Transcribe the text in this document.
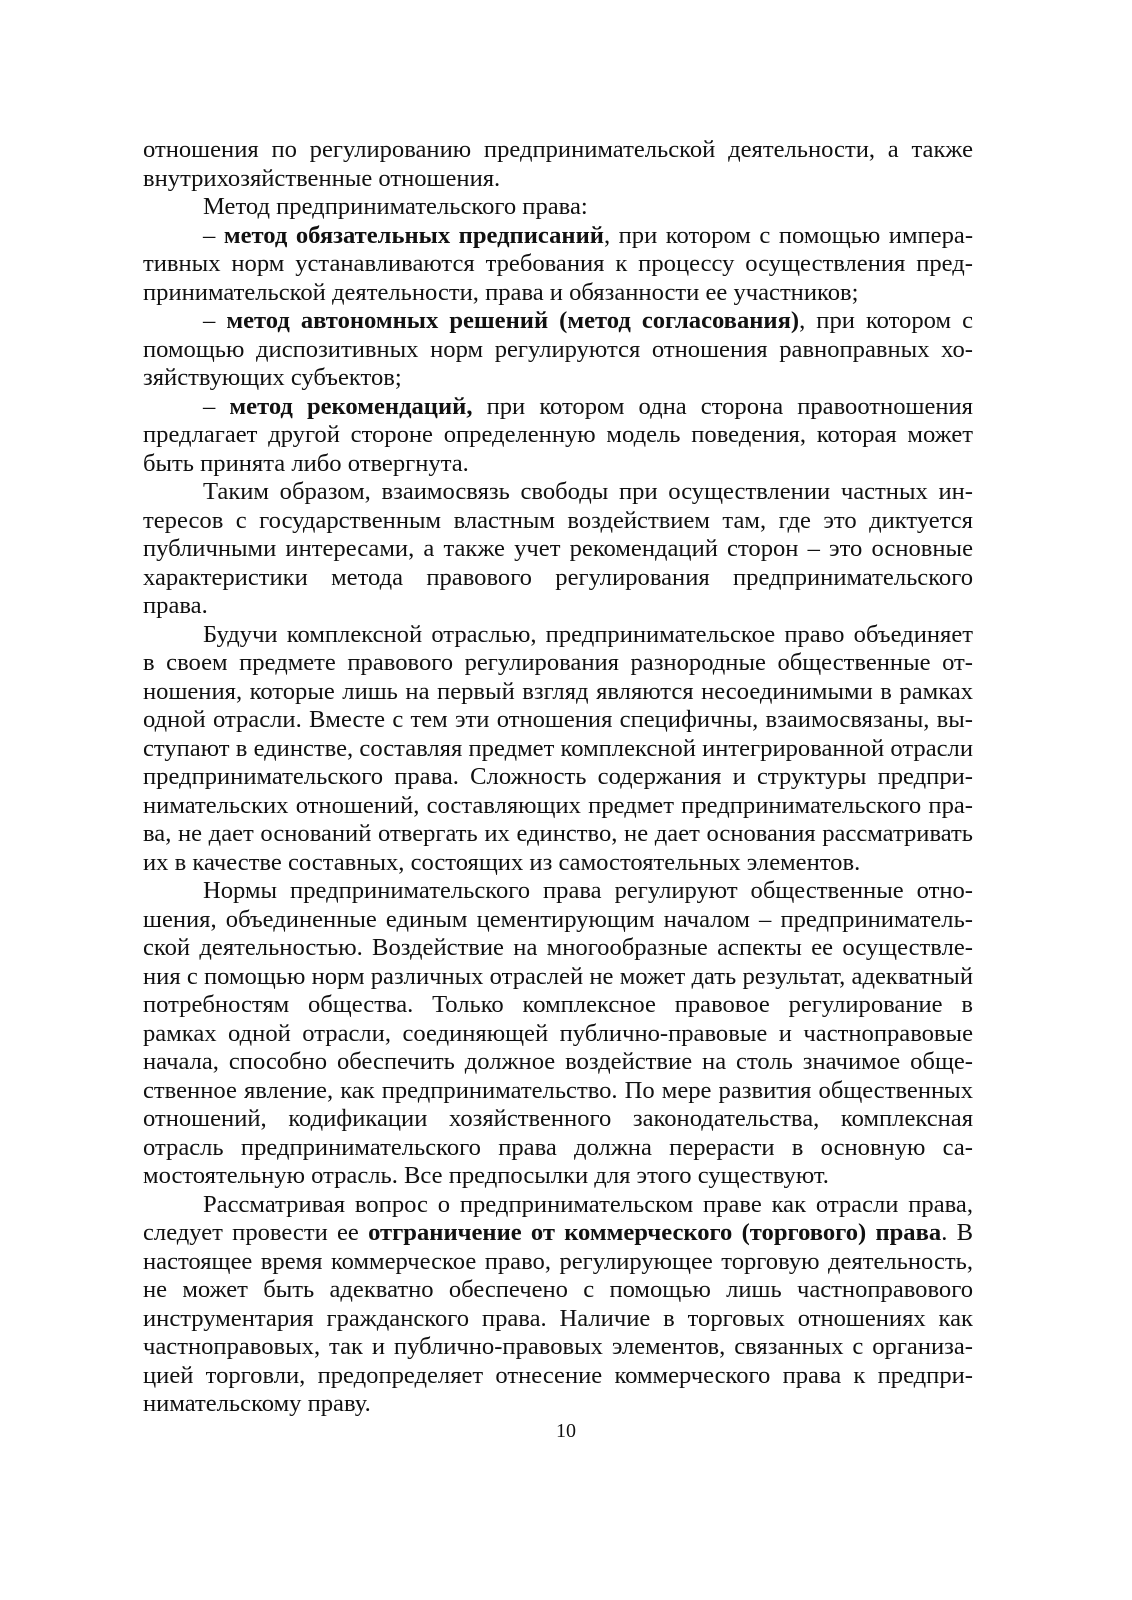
отношения по регулированию предпринимательской деятельности, а также внутрихозяйственные отношения.

Метод предпринимательского права:

– метод обязательных предписаний, при котором с помощью императивных норм устанавливаются требования к процессу осуществления предпринимательской деятельности, права и обязанности ее участников;

– метод автономных решений (метод согласования), при котором с помощью диспозитивных норм регулируются отношения равноправных хозяйствующих субъектов;

– метод рекомендаций, при котором одна сторона правоотношения предлагает другой стороне определенную модель поведения, которая может быть принята либо отвергнута.

Таким образом, взаимосвязь свободы при осуществлении частных интересов с государственным властным воздействием там, где это диктуется публичными интересами, а также учет рекомендаций сторон – это основные характеристики метода правового регулирования предпринимательского права.

Будучи комплексной отраслью, предпринимательское право объединяет в своем предмете правового регулирования разнородные общественные отношения, которые лишь на первый взгляд являются несоединимыми в рамках одной отрасли. Вместе с тем эти отношения специфичны, взаимосвязаны, выступают в единстве, составляя предмет комплексной интегрированной отрасли предпринимательского права. Сложность содержания и структуры предпринимательских отношений, составляющих предмет предпринимательского права, не дает оснований отвергать их единство, не дает основания рассматривать их в качестве составных, состоящих из самостоятельных элементов.

Нормы предпринимательского права регулируют общественные отношения, объединенные единым цементирующим началом – предпринимательской деятельностью. Воздействие на многообразные аспекты ее осуществления с помощью норм различных отраслей не может дать результат, адекватный потребностям общества. Только комплексное правовое регулирование в рамках одной отрасли, соединяющей публично-правовые и частноправовые начала, способно обеспечить должное воздействие на столь значимое общественное явление, как предпринимательство. По мере развития общественных отношений, кодификации хозяйственного законодательства, комплексная отрасль предпринимательского права должна перерасти в основную самостоятельную отрасль. Все предпосылки для этого существуют.

Рассматривая вопрос о предпринимательском праве как отрасли права, следует провести ее отграничение от коммерческого (торгового) права. В настоящее время коммерческое право, регулирующее торговую деятельность, не может быть адекватно обеспечено с помощью лишь частноправового инструментария гражданского права. Наличие в торговых отношениях как частноправовых, так и публично-правовых элементов, связанных с организацией торговли, предопределяет отнесение коммерческого права к предпринимательскому праву.

10
